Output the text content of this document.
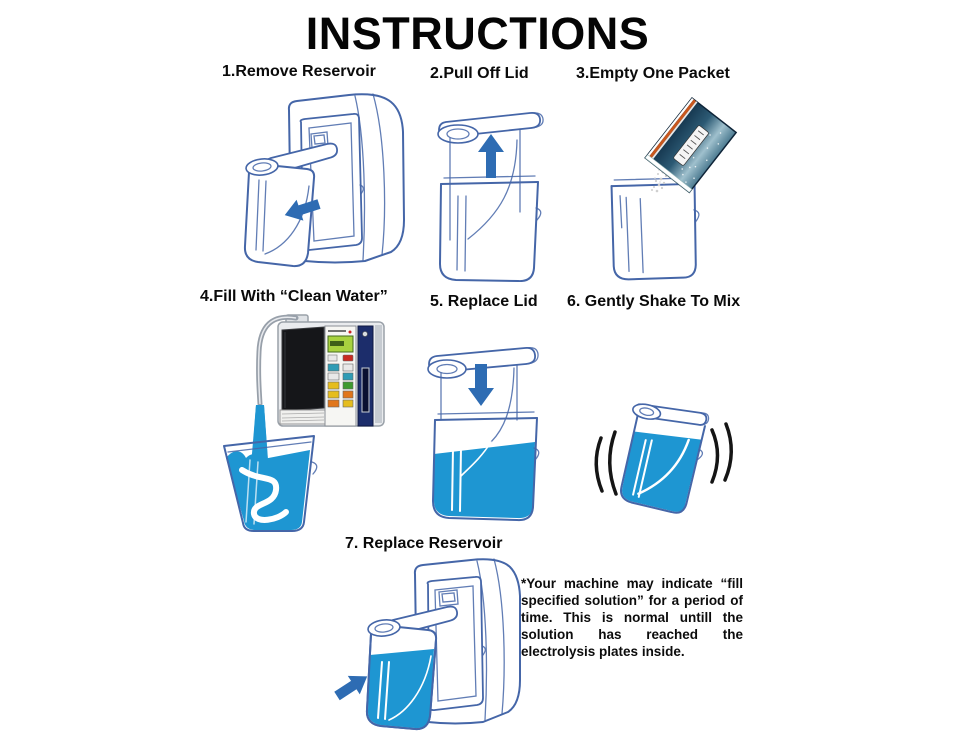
INSTRUCTIONS
1.Remove Reservoir	2.Pull Off Lid	3.Empty One Packet
4.Fill With “Clean Water”	5. Replace Lid 6. Gently Shake To Mix
7. Replace Reservoir
*Your machine may indicate “fill specified solution” for a period of time. This is normal untill the solution has reached the electrolysis plates inside.
